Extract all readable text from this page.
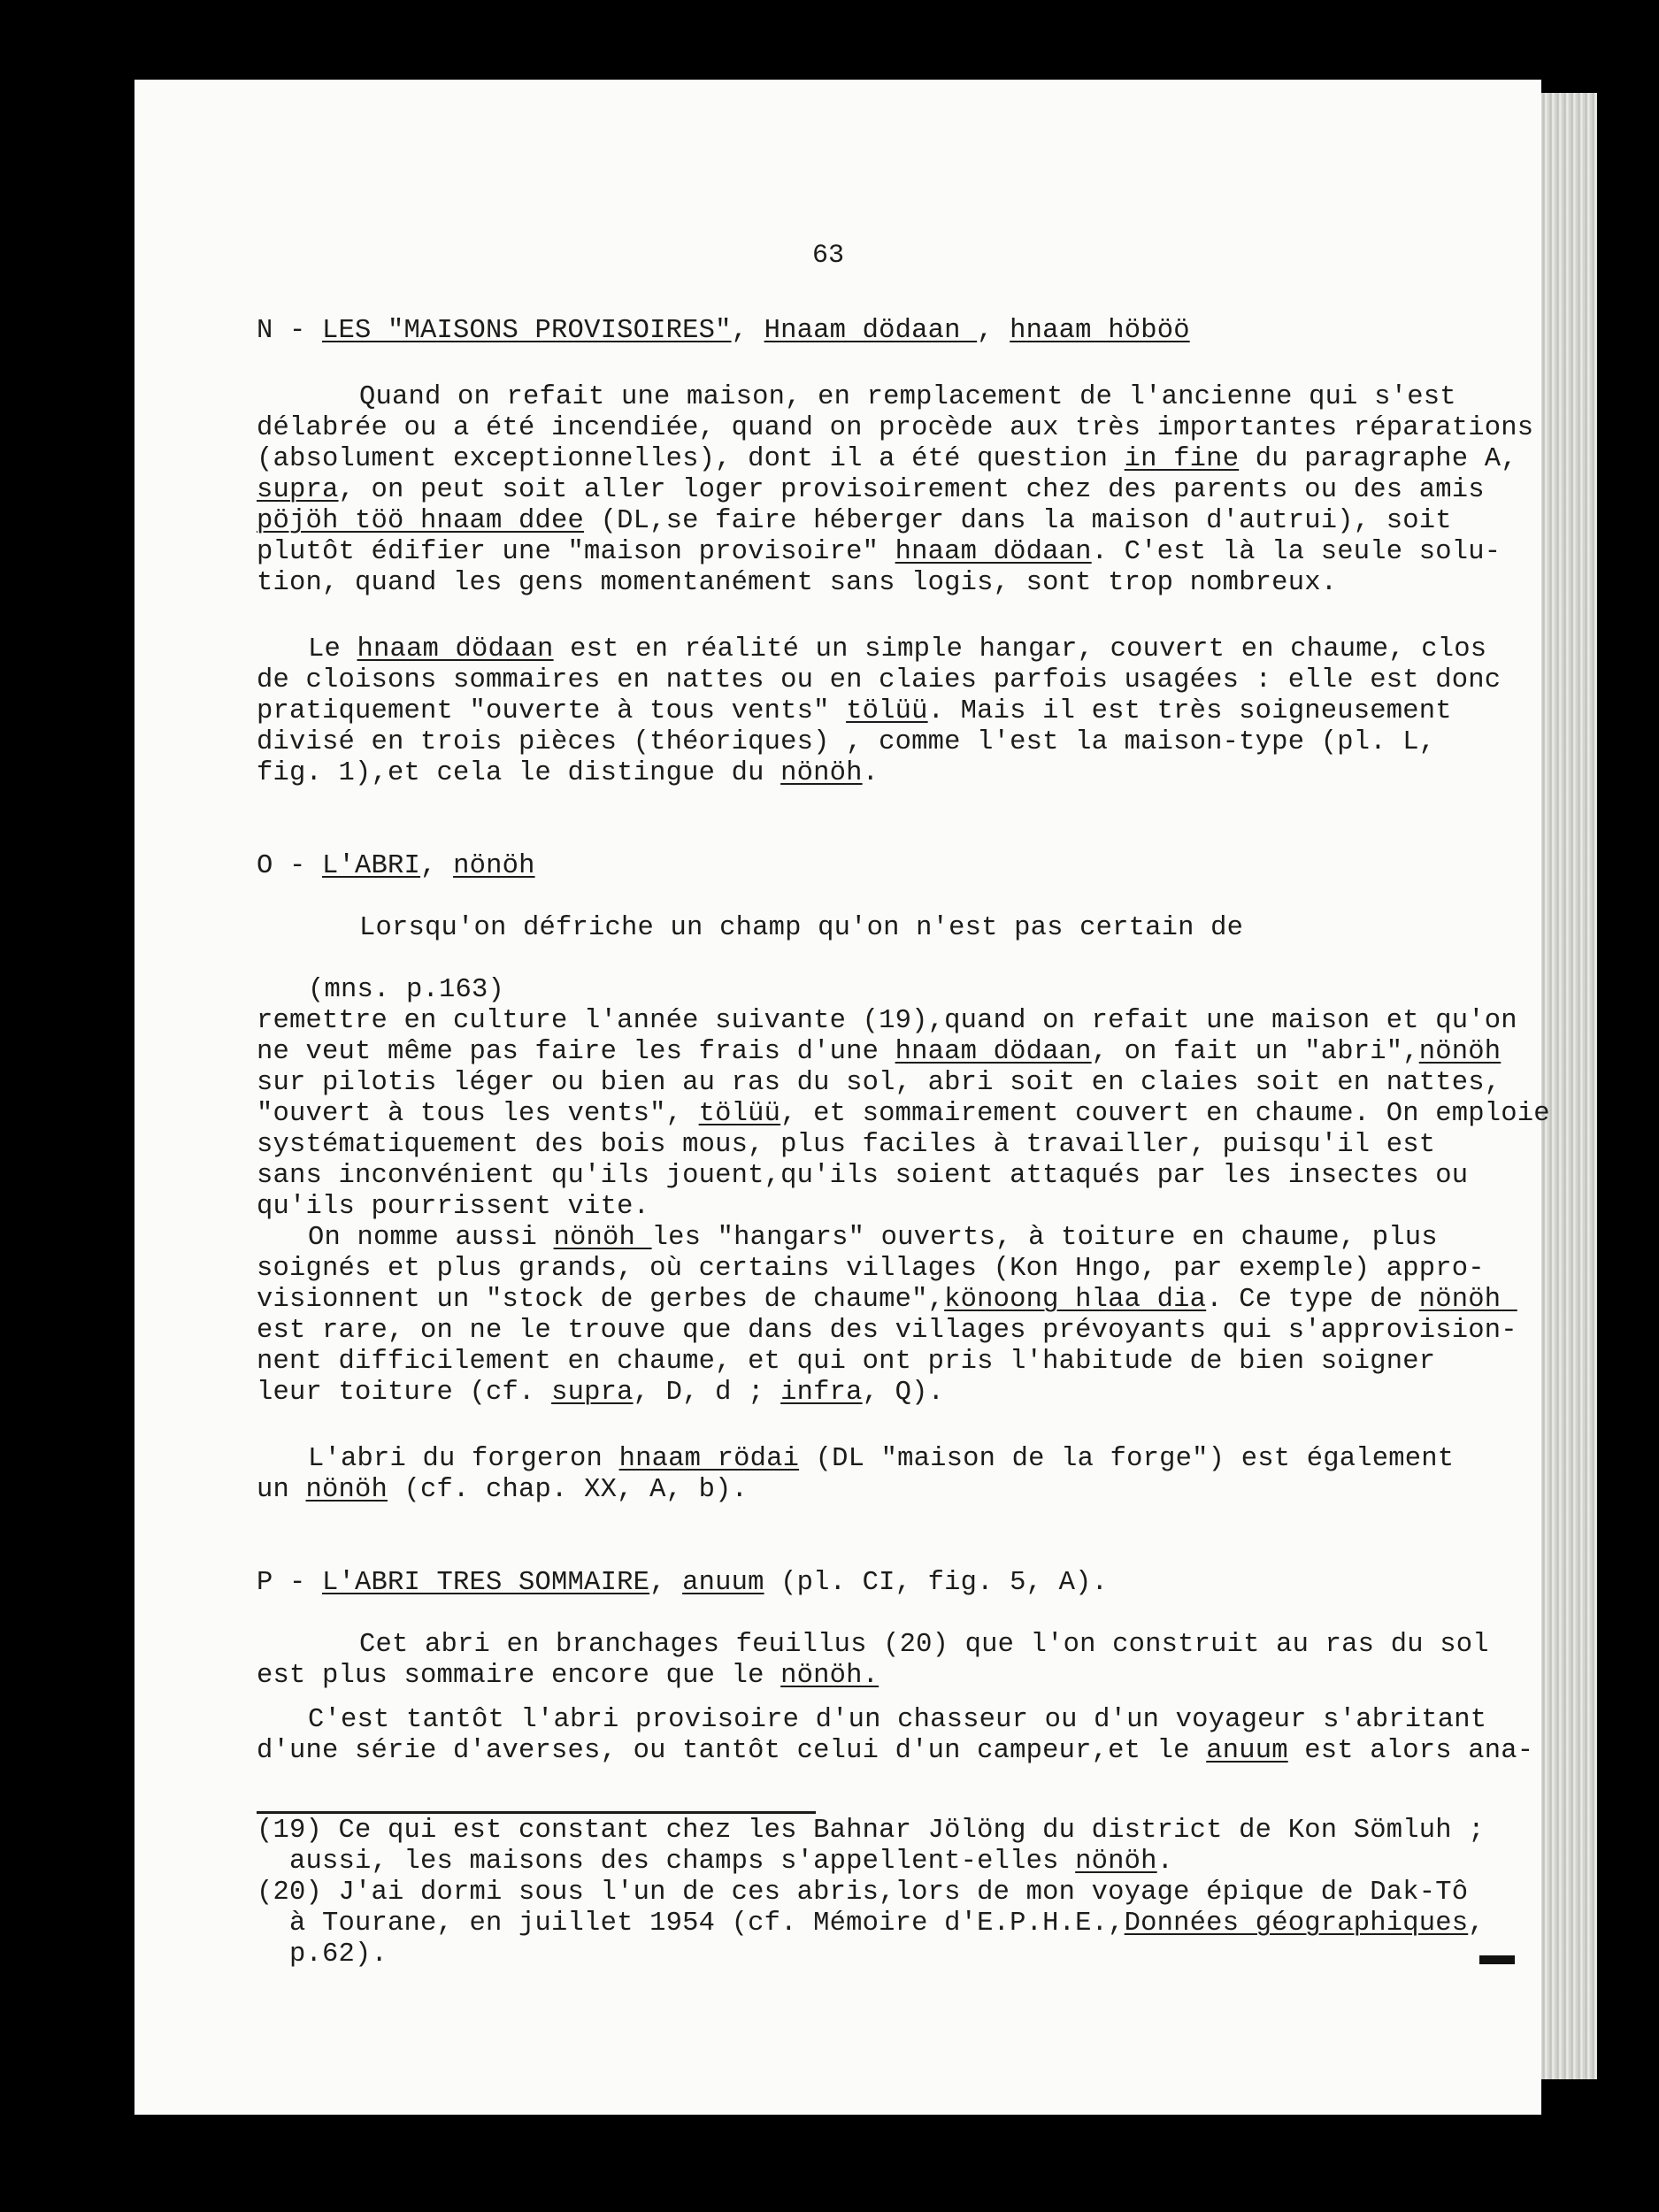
63
N - LES "MAISONS PROVISOIRES", Hnaam dödaan , hnaam höböö
Quand on refait une maison, en remplacement de l'ancienne qui s'est
délabrée ou a été incendiée, quand on procède aux très importantes réparations
(absolument exceptionnelles), dont il a été question in fine du paragraphe A,
supra, on peut soit aller loger provisoirement chez des parents ou des amis
pöjöh töö hnaam ddee (DL,se faire héberger dans la maison d'autrui), soit
plutôt édifier une "maison provisoire" hnaam dödaan. C'est là la seule solu-
tion, quand les gens momentanément sans logis, sont trop nombreux.
Le hnaam dödaan est en réalité un simple hangar, couvert en chaume, clos
de cloisons sommaires en nattes ou en claies parfois usagées : elle est donc
pratiquement "ouverte à tous vents" tölüü. Mais il est très soigneusement
divisé en trois pièces (théoriques) , comme l'est la maison-type (pl. L,
fig. 1),et cela le distingue du nönöh.
O - L'ABRI, nönöh
Lorsqu'on défriche un champ qu'on n'est pas certain de
(mns. p.163)
remettre en culture l'année suivante (19),quand on refait une maison et qu'on
ne veut même pas faire les frais d'une hnaam dödaan, on fait un "abri",nönöh
sur pilotis léger ou bien au ras du sol, abri soit en claies soit en nattes,
"ouvert à tous les vents", tölüü, et sommairement couvert en chaume. On emploie
systématiquement des bois mous, plus faciles à travailler, puisqu'il est
sans inconvénient qu'ils jouent,qu'ils soient attaqués par les insectes ou
qu'ils pourrissent vite.
On nomme aussi nönöh les "hangars" ouverts, à toiture en chaume, plus
soignés et plus grands, où certains villages (Kon Hngo, par exemple) appro-
visionnent un "stock de gerbes de chaume",könoong hlaa dia. Ce type de nönöh
est rare, on ne le trouve que dans des villages prévoyants qui s'approvision-
nent difficilement en chaume, et qui ont pris l'habitude de bien soigner
leur toiture (cf. supra, D, d ; infra, Q).
L'abri du forgeron hnaam rödai (DL "maison de la forge") est également
un nönöh (cf. chap. XX, A, b).
P - L'ABRI TRES SOMMAIRE, anuum (pl. CI, fig. 5, A).
Cet abri en branchages feuillus (20) que l'on construit au ras du sol
est plus sommaire encore que le nönöh.
C'est tantôt l'abri provisoire d'un chasseur ou d'un voyageur s'abritant
d'une série d'averses, ou tantôt celui d'un campeur,et le anuum est alors ana-
(19) Ce qui est constant chez les Bahnar Jölöng du district de Kon Sömluh ;
aussi, les maisons des champs s'appellent-elles nönöh.
(20) J'ai dormi sous l'un de ces abris,lors de mon voyage épique de Dak-Tô
à Tourane, en juillet 1954 (cf. Mémoire d'E.P.H.E.,Données géographiques,
p.62).
